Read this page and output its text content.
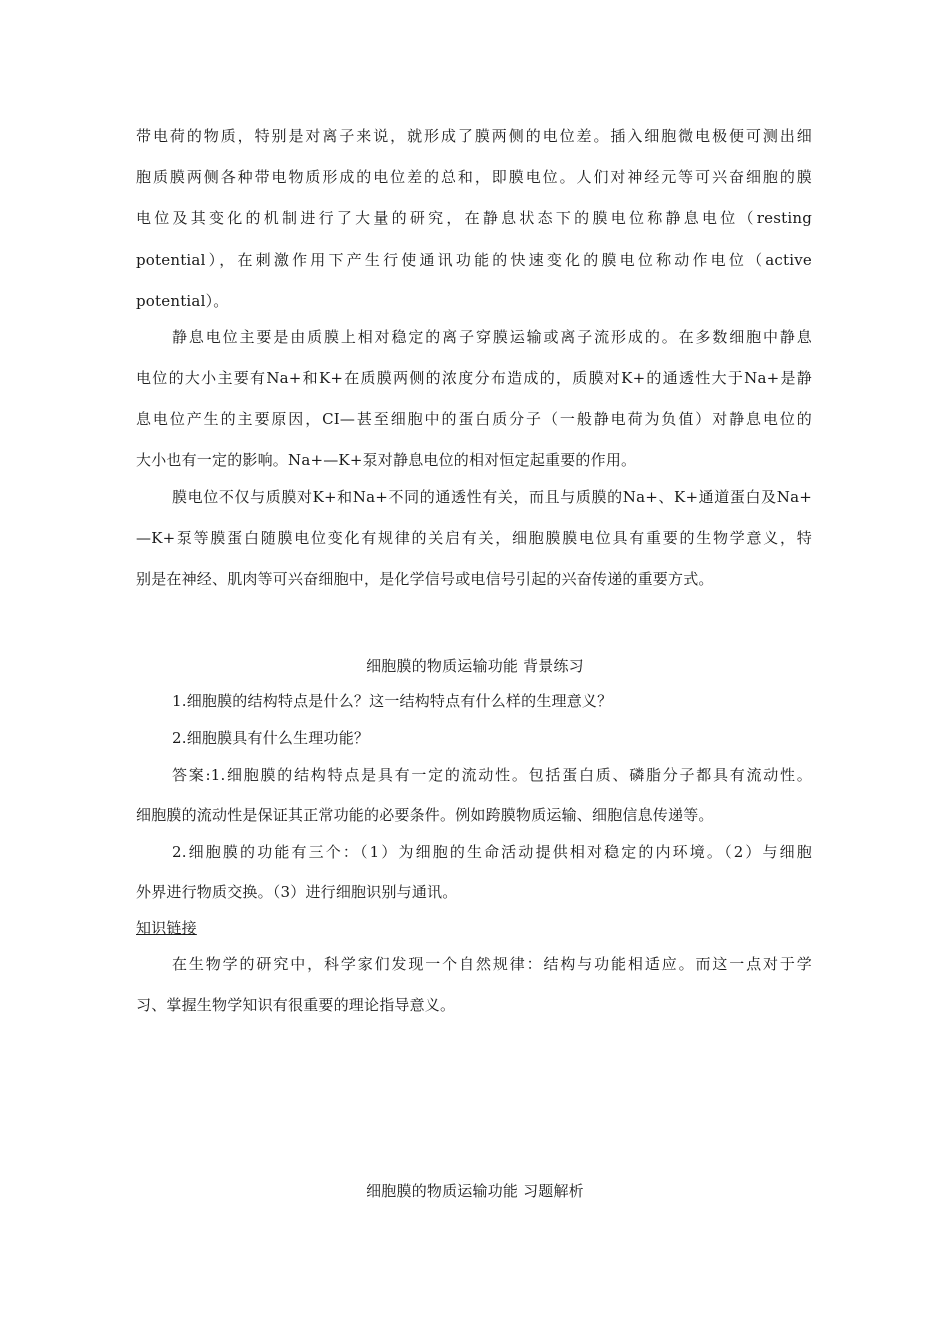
带电荷的物质，特别是对离子来说，就形成了膜两侧的电位差。插入细胞微电极便可测出细
胞质膜两侧各种带电物质形成的电位差的总和，即膜电位。人们对神经元等可兴奋细胞的膜
电位及其变化的机制进行了大量的研究，在静息状态下的膜电位称静息电位（resting
potential），在刺激作用下产生行使通讯功能的快速变化的膜电位称动作电位（active
potential）。
静息电位主要是由质膜上相对稳定的离子穿膜运输或离子流形成的。在多数细胞中静息
电位的大小主要有Na+和K+在质膜两侧的浓度分布造成的，质膜对K+的通透性大于Na+是静
息电位产生的主要原因，CI—甚至细胞中的蛋白质分子（一般静电荷为负值）对静息电位的
大小也有一定的影响。Na+—K+泵对静息电位的相对恒定起重要的作用。
膜电位不仅与质膜对K+和Na+不同的通透性有关，而且与质膜的Na+、K+通道蛋白及Na+
—K+泵等膜蛋白随膜电位变化有规律的关启有关，细胞膜膜电位具有重要的生物学意义，特
别是在神经、肌肉等可兴奋细胞中，是化学信号或电信号引起的兴奋传递的重要方式。
细胞膜的物质运输功能 背景练习
1.细胞膜的结构特点是什么？这一结构特点有什么样的生理意义？
2.细胞膜具有什么生理功能？
答案:1.细胞膜的结构特点是具有一定的流动性。包括蛋白质、磷脂分子都具有流动性。
细胞膜的流动性是保证其正常功能的必要条件。例如跨膜物质运输、细胞信息传递等。
2.细胞膜的功能有三个：（1）为细胞的生命活动提供相对稳定的内环境。（2）与细胞
外界进行物质交换。（3）进行细胞识别与通讯。
知识链接
在生物学的研究中，科学家们发现一个自然规律：结构与功能相适应。而这一点对于学
习、掌握生物学知识有很重要的理论指导意义。
细胞膜的物质运输功能 习题解析
